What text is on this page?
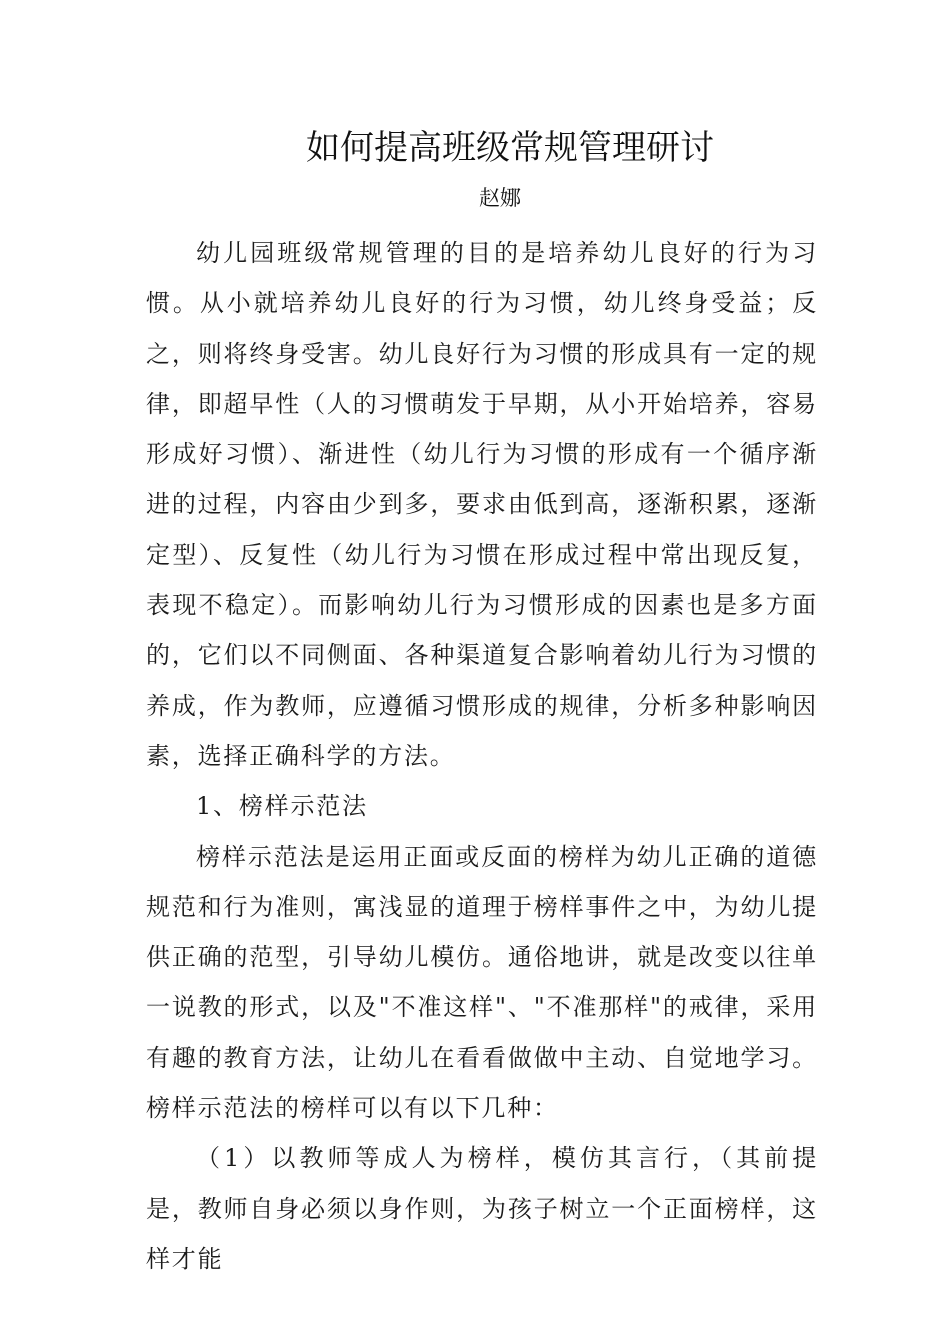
如何提高班级常规管理研讨
赵娜

幼儿园班级常规管理的目的是培养幼儿良好的行为习惯。从小就培养幼儿良好的行为习惯，幼儿终身受益；反之，则将终身受害。幼儿良好行为习惯的形成具有一定的规律，即超早性（人的习惯萌发于早期，从小开始培养，容易形成好习惯）、渐进性（幼儿行为习惯的形成有一个循序渐进的过程，内容由少到多，要求由低到高，逐渐积累，逐渐定型）、反复性（幼儿行为习惯在形成过程中常出现反复，表现不稳定）。而影响幼儿行为习惯形成的因素也是多方面的，它们以不同侧面、各种渠道复合影响着幼儿行为习惯的养成，作为教师，应遵循习惯形成的规律，分析多种影响因素，选择正确科学的方法。

1、榜样示范法

榜样示范法是运用正面或反面的榜样为幼儿正确的道德规范和行为准则，寓浅显的道理于榜样事件之中，为幼儿提供正确的范型，引导幼儿模仿。通俗地讲，就是改变以往单一说教的形式，以及"不准这样"、"不准那样"的戒律，采用有趣的教育方法，让幼儿在看看做做中主动、自觉地学习。榜样示范法的榜样可以有以下几种：

（1）以教师等成人为榜样，模仿其言行，（其前提是，教师自身必须以身作则，为孩子树立一个正面榜样，这样才能
